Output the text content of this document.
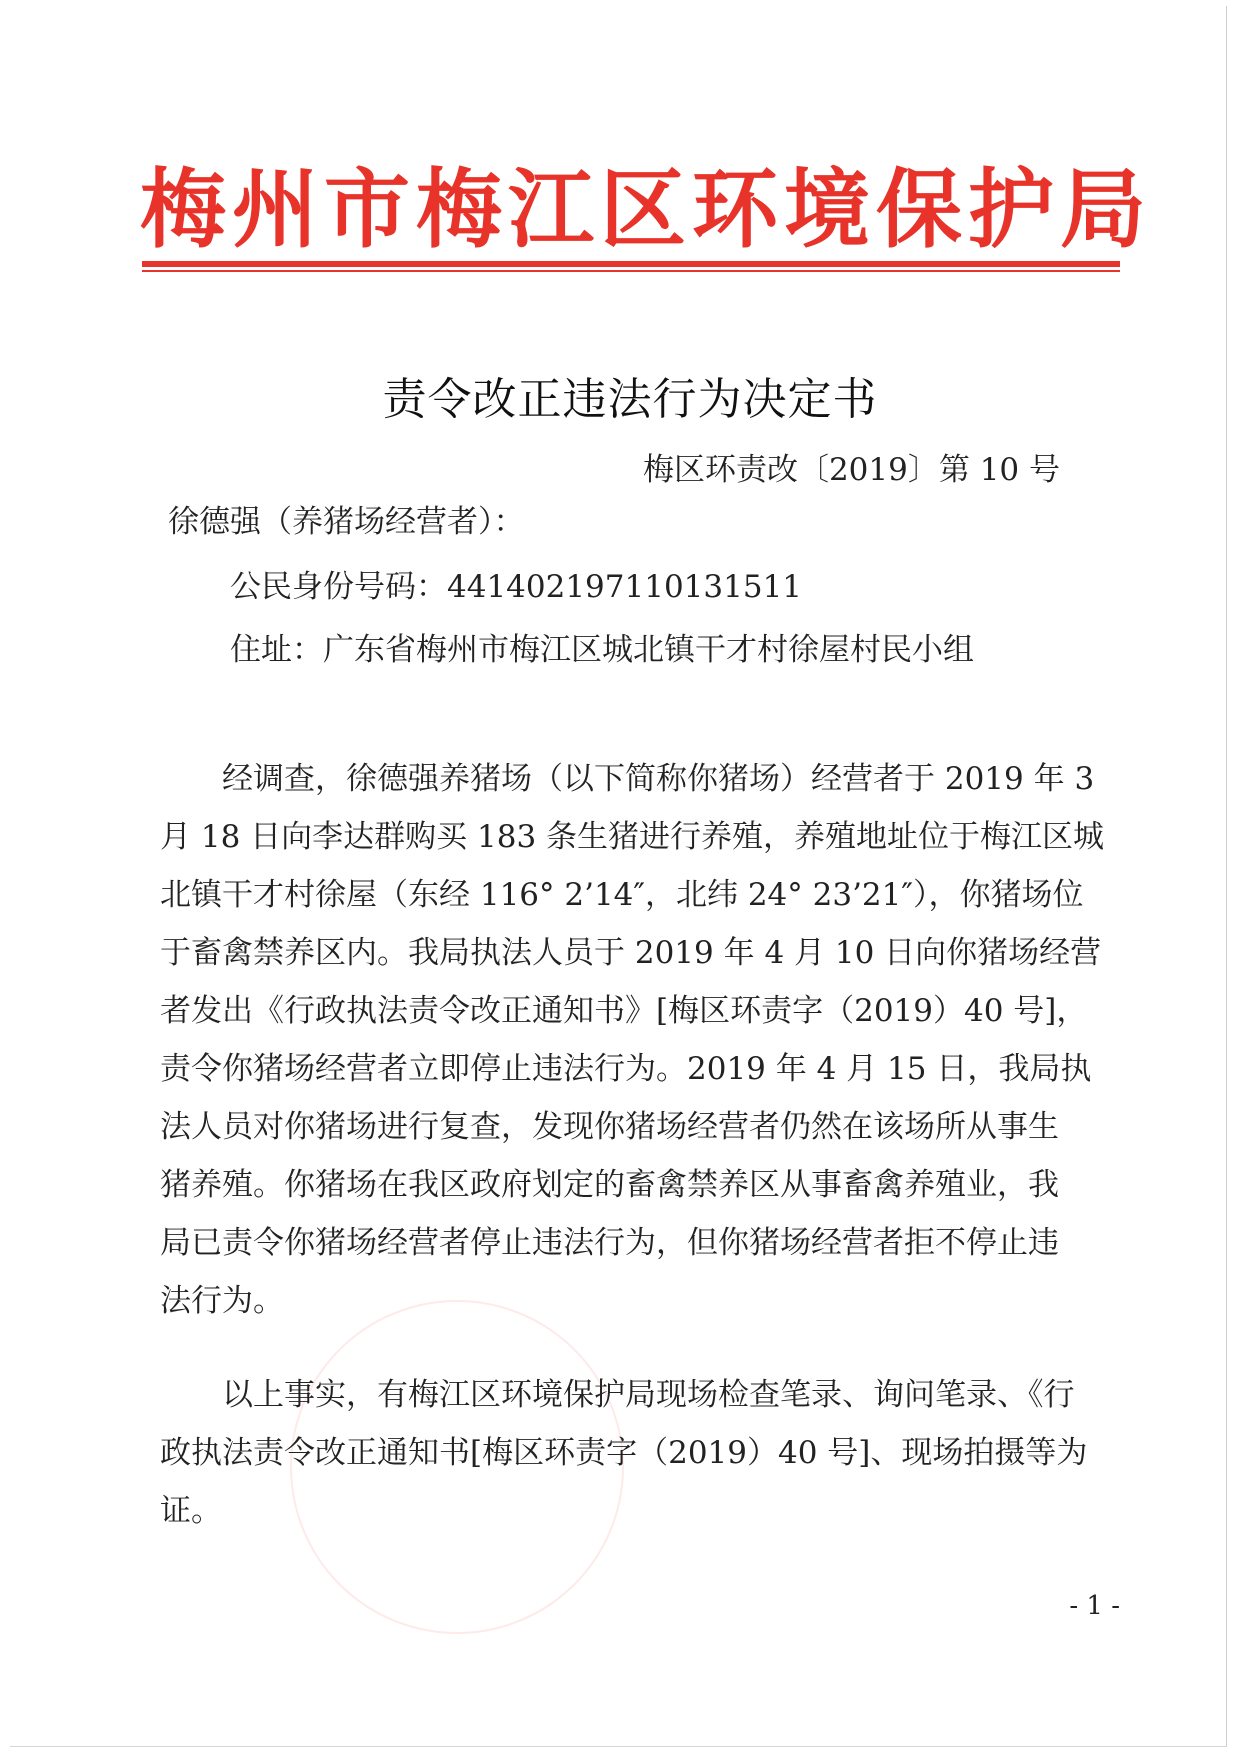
梅州市梅江区环境保护局
责令改正违法行为决定书
梅区环责改〔2019〕第 10 号
徐德强（养猪场经营者）：
公民身份号码：441402197110131511
住址：广东省梅州市梅江区城北镇干才村徐屋村民小组
经调查，徐德强养猪场（以下简称你猪场）经营者于 2019 年 3
月 18 日向李达群购买 183 条生猪进行养殖，养殖地址位于梅江区城
北镇干才村徐屋（东经 116° 2’14″，北纬 24° 23’21″），你猪场位
于畜禽禁养区内。我局执法人员于 2019 年 4 月 10 日向你猪场经营
者发出《行政执法责令改正通知书》[梅区环责字（2019）40 号]，
责令你猪场经营者立即停止违法行为。2019 年 4 月 15 日，我局执
法人员对你猪场进行复查，发现你猪场经营者仍然在该场所从事生
猪养殖。你猪场在我区政府划定的畜禽禁养区从事畜禽养殖业，我
局已责令你猪场经营者停止违法行为，但你猪场经营者拒不停止违
法行为。
以上事实，有梅江区环境保护局现场检查笔录、询问笔录、《行
政执法责令改正通知书[梅区环责字（2019）40 号]、现场拍摄等为
证。
- 1 -
